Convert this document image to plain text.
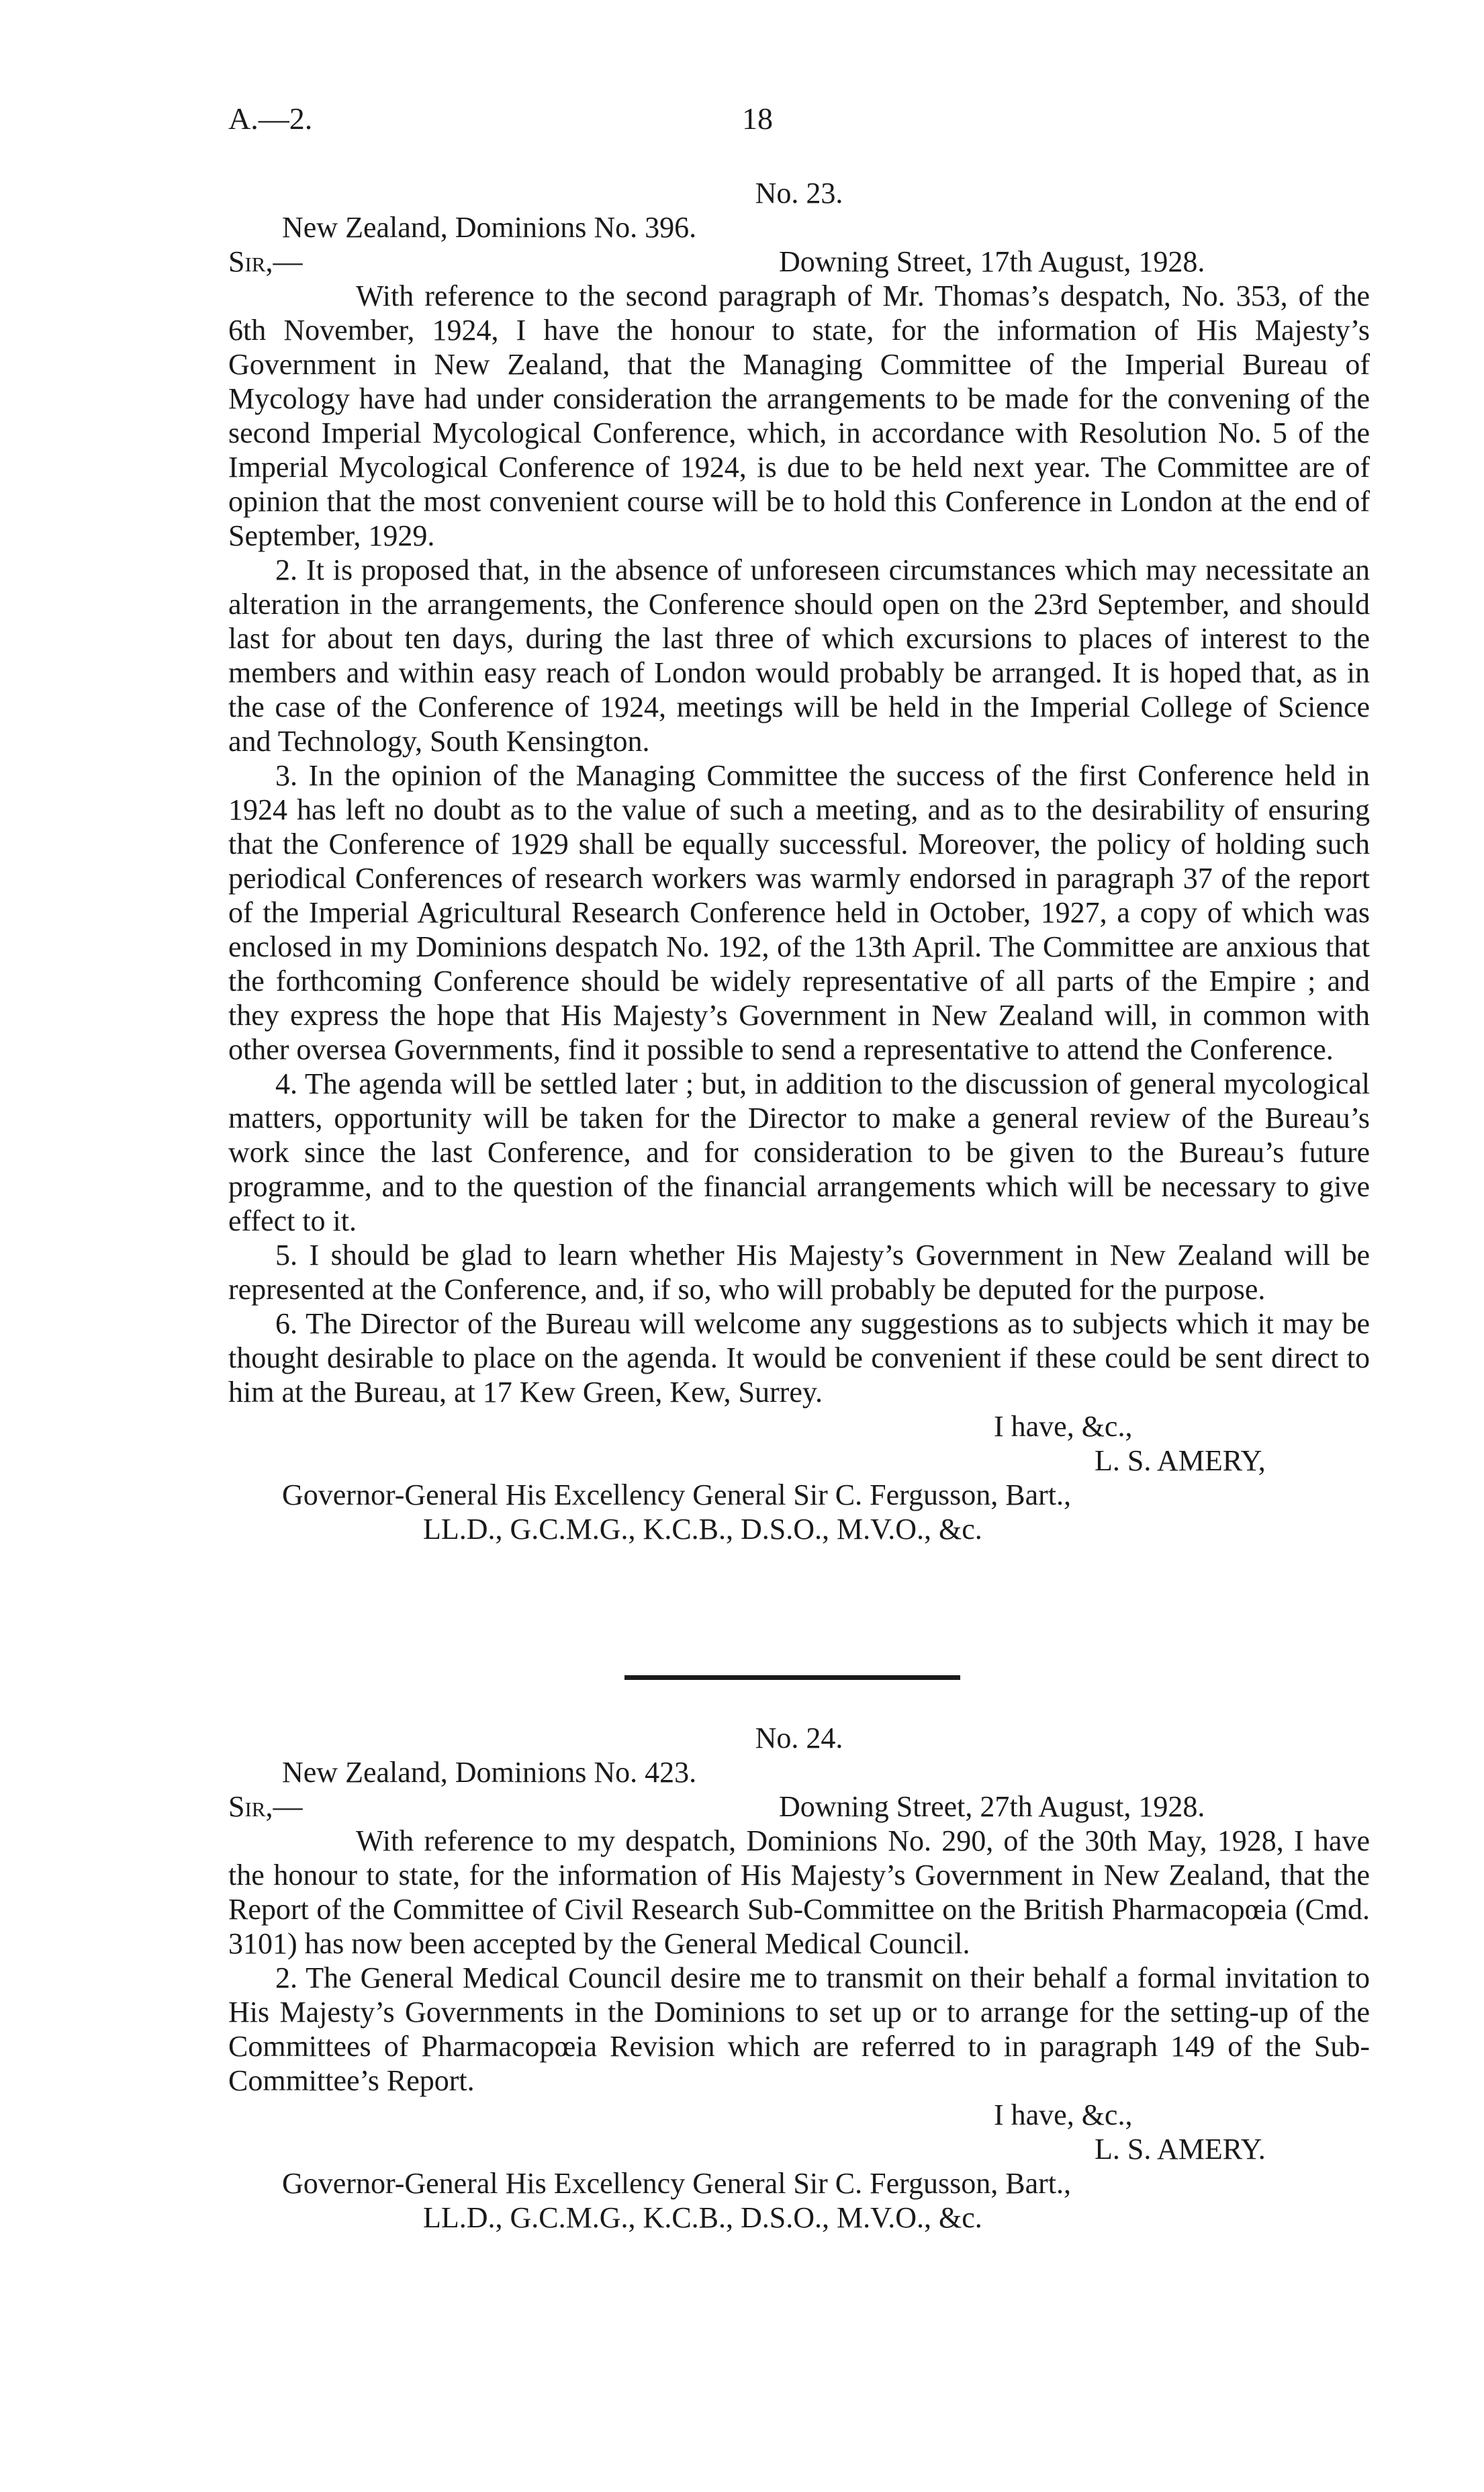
A.—2.	18
No. 23.
New Zealand, Dominions No. 396.
Sir,—	Downing Street, 17th August, 1928.

With reference to the second paragraph of Mr. Thomas’s despatch, No. 353, of the 6th November, 1924, I have the honour to state, for the information of His Majesty’s Government in New Zealand, that the Managing Committee of the Imperial Bureau of Mycology have had under consideration the arrangements to be made for the convening of the second Imperial Mycological Conference, which, in accordance with Resolution No. 5 of the Imperial Mycological Conference of 1924, is due to be held next year. The Committee are of opinion that the most convenient course will be to hold this Conference in London at the end of September, 1929.

2. It is proposed that, in the absence of unforeseen circumstances which may necessitate an alteration in the arrangements, the Conference should open on the 23rd September, and should last for about ten days, during the last three of which excursions to places of interest to the members and within easy reach of London would probably be arranged. It is hoped that, as in the case of the Conference of 1924, meetings will be held in the Imperial College of Science and Technology, South Kensington.

3. In the opinion of the Managing Committee the success of the first Conference held in 1924 has left no doubt as to the value of such a meeting, and as to the desirability of ensuring that the Conference of 1929 shall be equally successful. Moreover, the policy of holding such periodical Conferences of research workers was warmly endorsed in paragraph 37 of the report of the Imperial Agricultural Research Conference held in October, 1927, a copy of which was enclosed in my Dominions despatch No. 192, of the 13th April. The Committee are anxious that the forthcoming Conference should be widely representative of all parts of the Empire ; and they express the hope that His Majesty’s Government in New Zealand will, in common with other oversea Governments, find it possible to send a representative to attend the Conference.

4. The agenda will be settled later ; but, in addition to the discussion of general mycological matters, opportunity will be taken for the Director to make a general review of the Bureau’s work since the last Conference, and for consideration to be given to the Bureau’s future programme, and to the question of the financial arrangements which will be necessary to give effect to it.

5. I should be glad to learn whether His Majesty’s Government in New Zealand will be represented at the Conference, and, if so, who will probably be deputed for the purpose.

6. The Director of the Bureau will welcome any suggestions as to subjects which it may be thought desirable to place on the agenda. It would be convenient if these could be sent direct to him at the Bureau, at 17 Kew Green, Kew, Surrey.

I have, &c.,
L. S. AMERY,
Governor-General His Excellency General Sir C. Fergusson, Bart.,
LL.D., G.C.M.G., K.C.B., D.S.O., M.V.O., &c.
No. 24.
New Zealand, Dominions No. 423.
Sir,—	Downing Street, 27th August, 1928.

With reference to my despatch, Dominions No. 290, of the 30th May, 1928, I have the honour to state, for the information of His Majesty’s Government in New Zealand, that the Report of the Committee of Civil Research Sub-Committee on the British Pharmacopœia (Cmd. 3101) has now been accepted by the General Medical Council.

2. The General Medical Council desire me to transmit on their behalf a formal invitation to His Majesty’s Governments in the Dominions to set up or to arrange for the setting-up of the Committees of Pharmacopœia Revision which are referred to in paragraph 149 of the Sub-Committee’s Report.

I have, &c.,
L. S. AMERY.
Governor-General His Excellency General Sir C. Fergusson, Bart.,
LL.D., G.C.M.G., K.C.B., D.S.O., M.V.O., &c.
